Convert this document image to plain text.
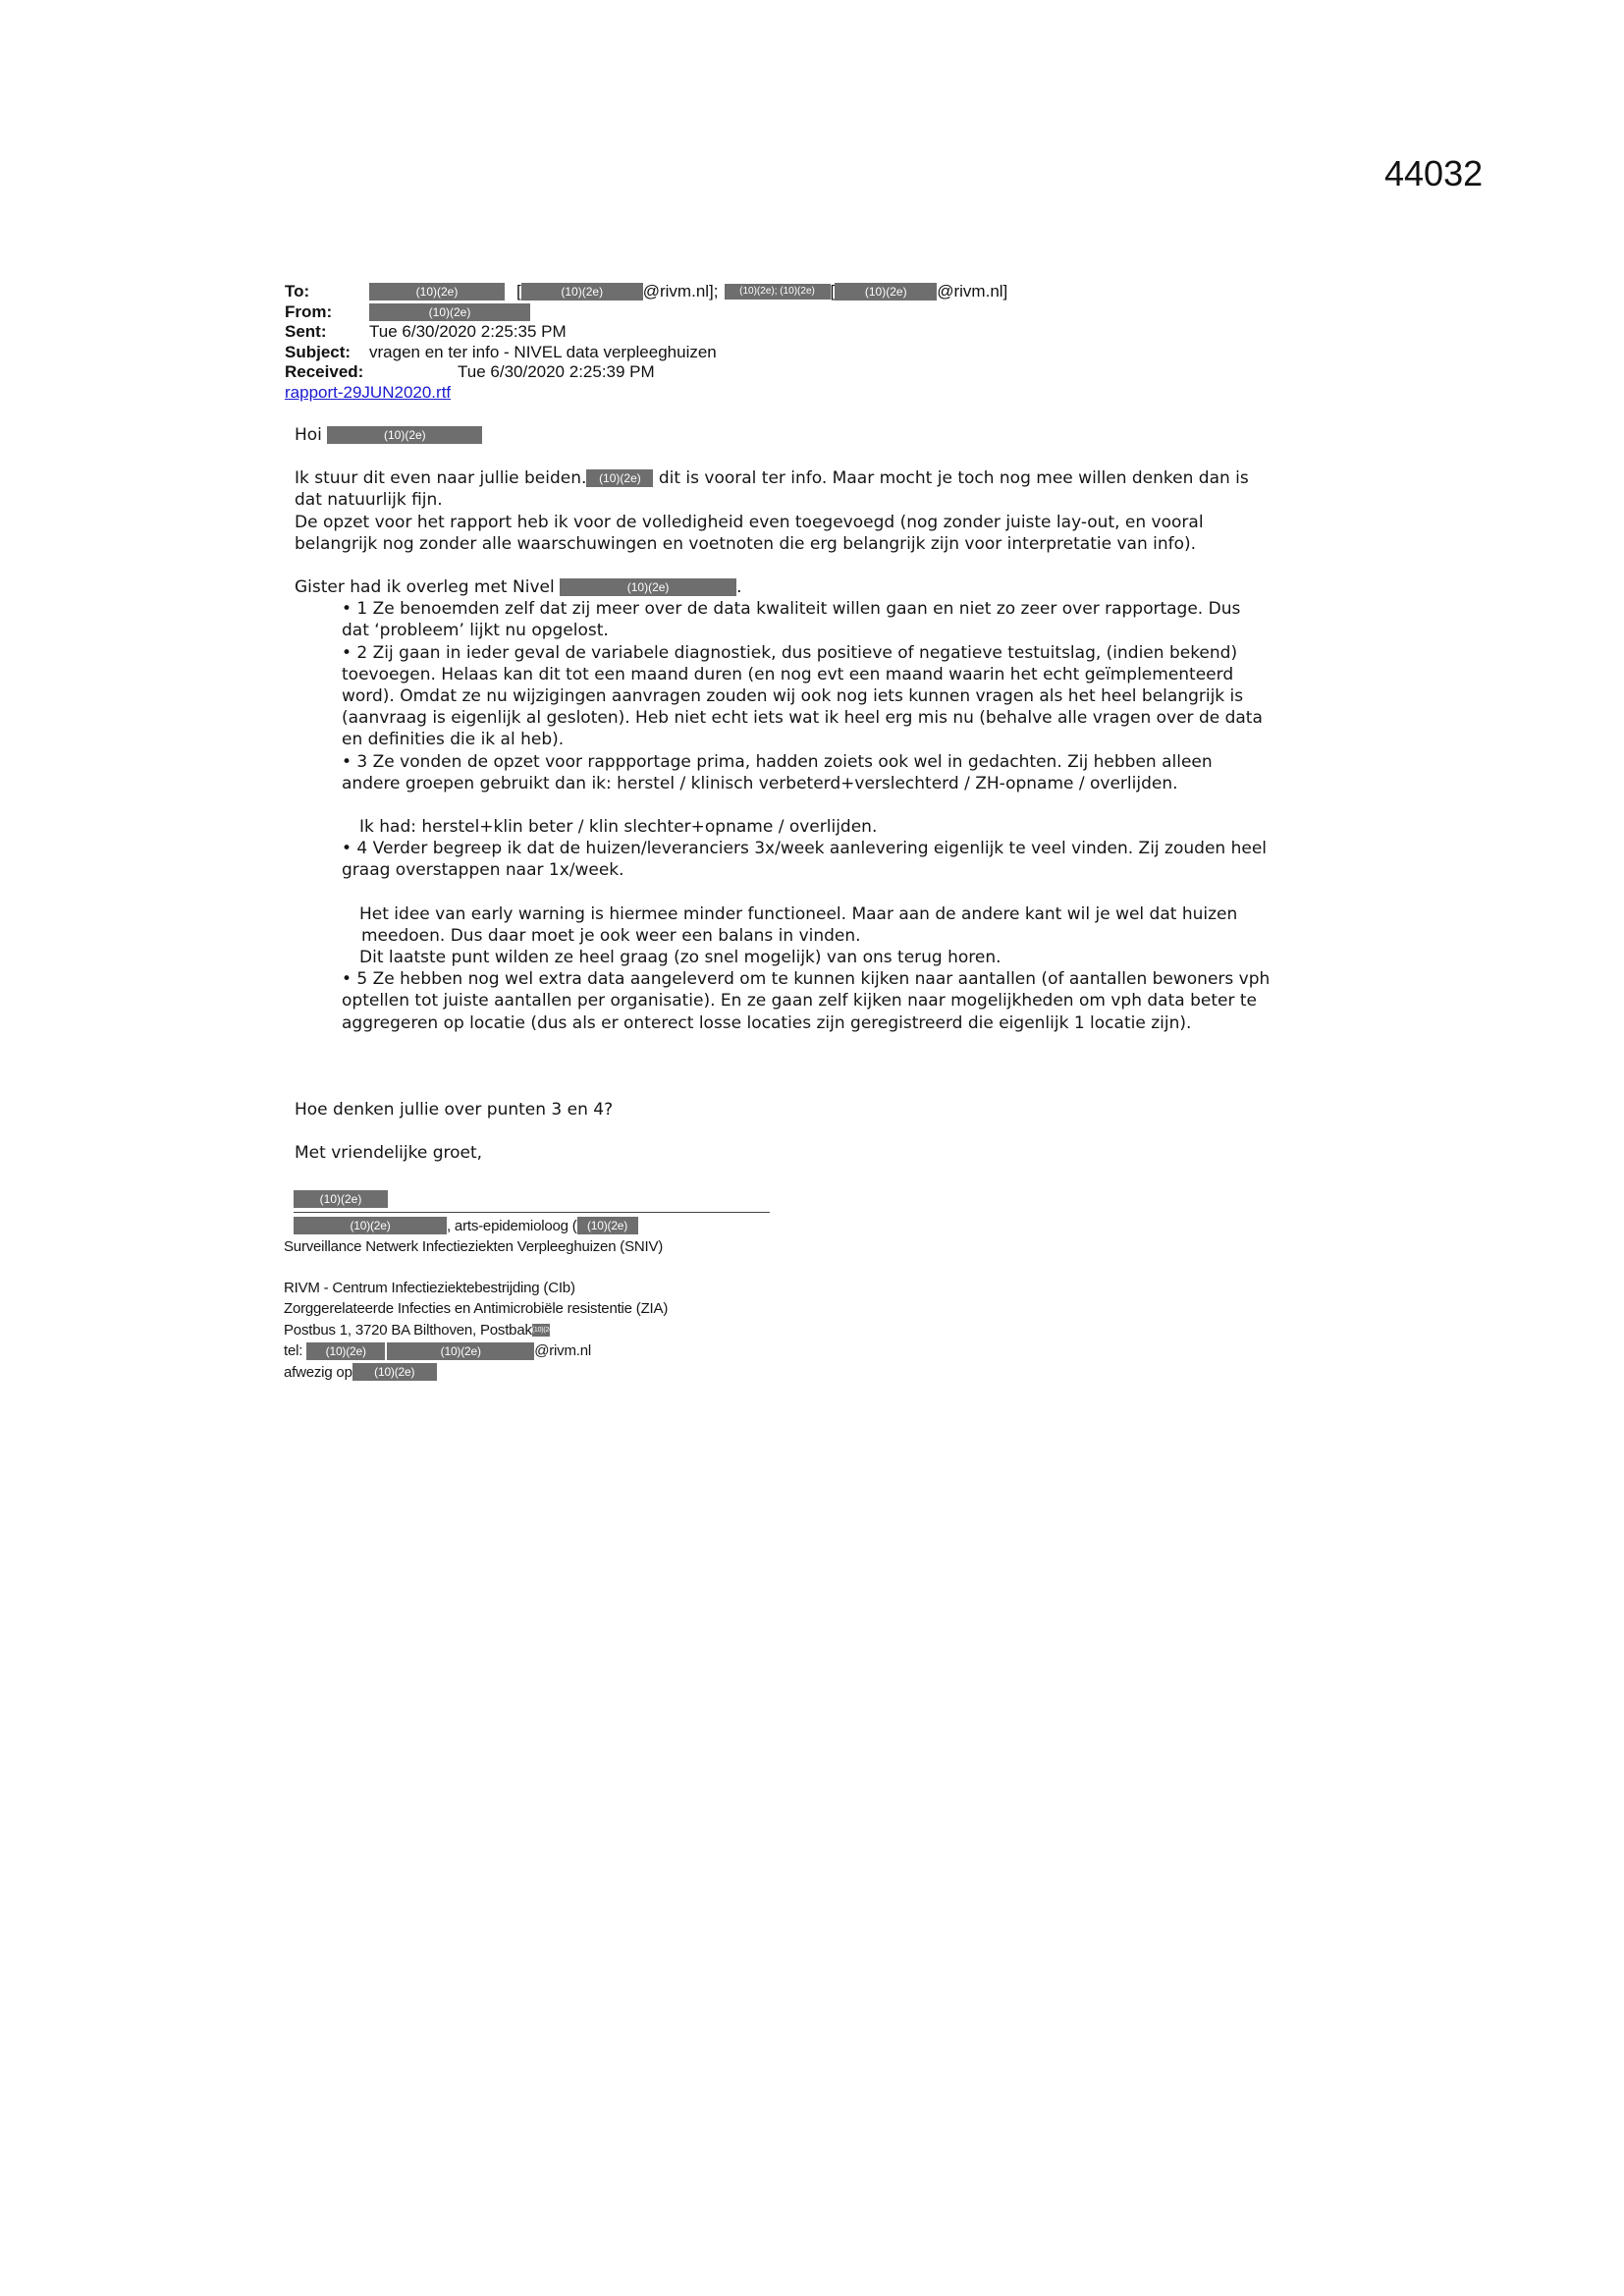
44032
To:	(10)(2e)	[	(10)(2e)	@rivm.nl];	(10)(2e); (10)(2e) [	(10)(2e)	@rivm.nl]
From:	(10)(2e)
Sent:	Tue 6/30/2020 2:25:35 PM
Subject:	vragen en ter info - NIVEL data verpleeghuizen
Received:	Tue 6/30/2020 2:25:39 PM
rapport-29JUN2020.rtf

Hoi	(10)(2e)

Ik stuur dit even naar jullie beiden. (10)(2e) dit is vooral ter info. Maar mocht je toch nog mee willen denken dan is

dat natuurlijk fijn.

De opzet voor het rapport heb ik voor de volledigheid even toegevoegd (nog zonder juiste lay-out, en vooral

belangrijk nog zonder alle waarschuwingen en voetnoten die erg belangrijk zijn voor interpretatie van info).

Gister had ik overleg met Nivel	(10)(2e)	.

• 1 Ze benoemden zelf dat zij meer over de data kwaliteit willen gaan en niet zo zeer over rapportage. Dus

dat ‘probleem’ lijkt nu opgelost.

• 2 Zij gaan in ieder geval de variabele diagnostiek, dus positieve of negatieve testuitslag, (indien bekend)

toevoegen. Helaas kan dit tot een maand duren (en nog evt een maand waarin het echt geïmplementeerd

word). Omdat ze nu wijzigingen aanvragen zouden wij ook nog iets kunnen vragen als het heel belangrijk is

(aanvraag is eigenlijk al gesloten). Heb niet echt iets wat ik heel erg mis nu (behalve alle vragen over de data

en definities die ik al heb).

• 3 Ze vonden de opzet voor rappportage prima, hadden zoiets ook wel in gedachten. Zij hebben alleen

andere groepen gebruikt dan ik: herstel / klinisch verbeterd+verslechterd / ZH-opname / overlijden.

Ik had: herstel+klin beter / klin slechter+opname / overlijden.

• 4 Verder begreep ik dat de huizen/leveranciers 3x/week aanlevering eigenlijk te veel vinden. Zij zouden heel

graag overstappen naar 1x/week.

Het idee van early warning is hiermee minder functioneel. Maar aan de andere kant wil je wel dat huizen

meedoen. Dus daar moet je ook weer een balans in vinden.

Dit laatste punt wilden ze heel graag (zo snel mogelijk) van ons terug horen.

• 5 Ze hebben nog wel extra data aangeleverd om te kunnen kijken naar aantallen (of aantallen bewoners vph

optellen tot juiste aantallen per organisatie). En ze gaan zelf kijken naar mogelijkheden om vph data beter te

aggregeren op locatie (dus als er onterect losse locaties zijn geregistreerd die eigenlijk 1 locatie zijn).

Hoe denken jullie over punten 3 en 4?
Met vriendelijke groet,
(10)(2e)
(10)(2e)	, arts-epidemioloog ( (10)(2e)
Surveillance Netwerk Infectieziekten Verpleeghuizen (SNIV)
RIVM - Centrum Infectieziektebestrijding (CIb)
Zorggerelateerde Infecties en Antimicrobiële resistentie (ZIA)
Postbus 1, 3720 BA Bilthoven, Postbak (10)(2e)
tel:	(10)(2e)	(10)(2e)	@rivm.nl
afwezig op	(10)(2e)
